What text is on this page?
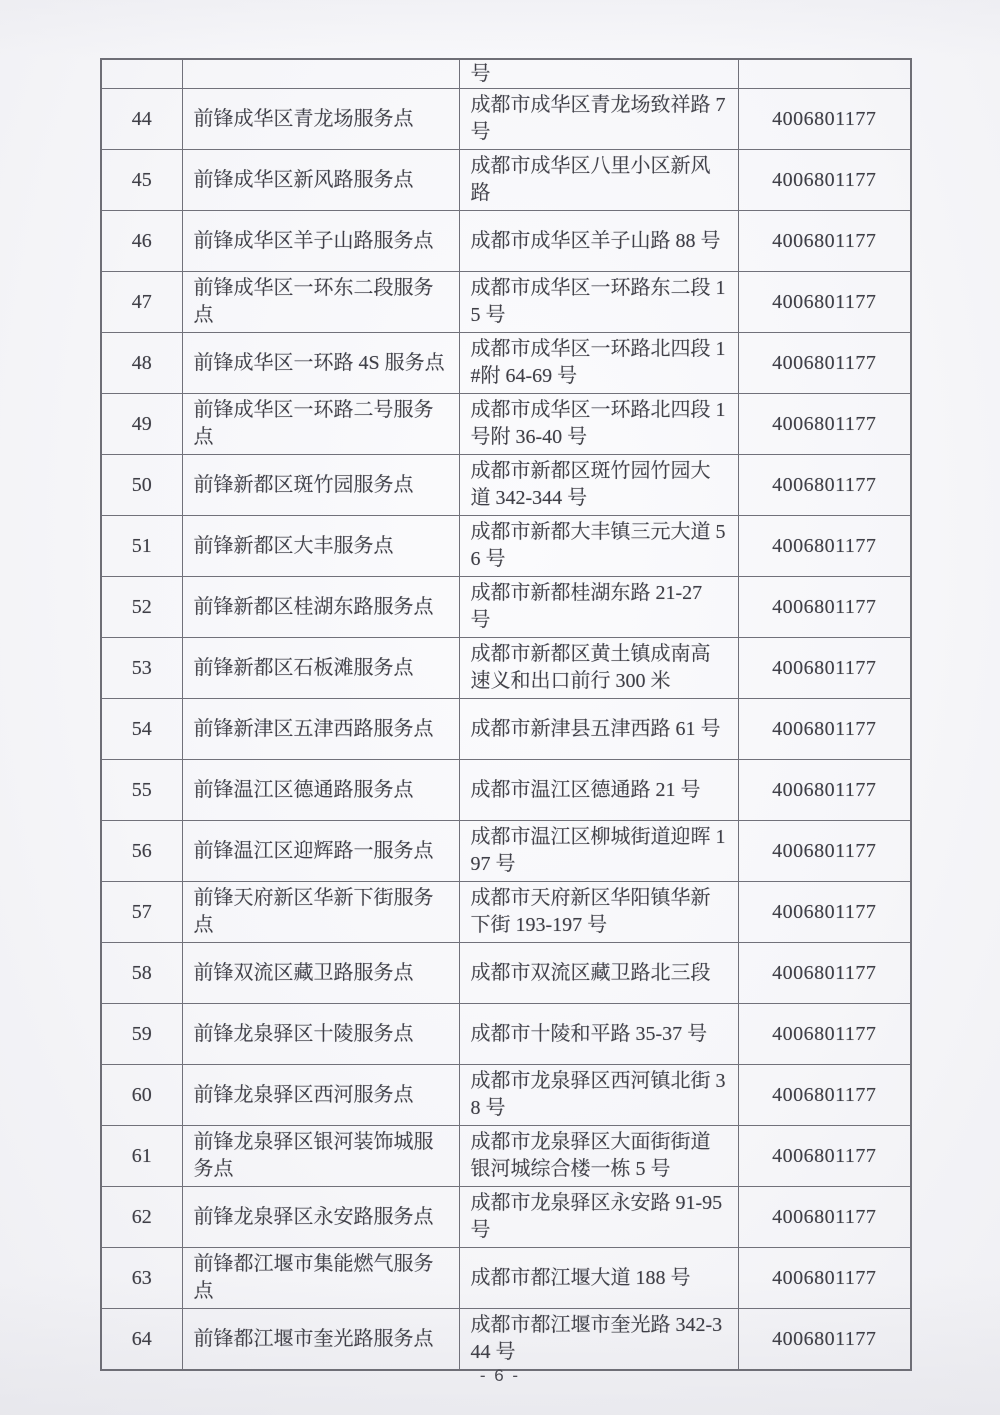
		号	
44	前锋成华区青龙场服务点	成都市成华区青龙场致祥路 7 号	4006801177
45	前锋成华区新风路服务点	成都市成华区八里小区新风路	4006801177
46	前锋成华区羊子山路服务点	成都市成华区羊子山路 88 号	4006801177
47	前锋成华区一环东二段服务点	成都市成华区一环路东二段 15 号	4006801177
48	前锋成华区一环路 4S 服务点	成都市成华区一环路北四段 1#附 64-69 号	4006801177
49	前锋成华区一环路二号服务点	成都市成华区一环路北四段 1 号附 36-40 号	4006801177
50	前锋新都区斑竹园服务点	成都市新都区斑竹园竹园大道 342-344 号	4006801177
51	前锋新都区大丰服务点	成都市新都大丰镇三元大道 56 号	4006801177
52	前锋新都区桂湖东路服务点	成都市新都桂湖东路 21-27 号	4006801177
53	前锋新都区石板滩服务点	成都市新都区黄土镇成南高速义和出口前行 300 米	4006801177
54	前锋新津区五津西路服务点	成都市新津县五津西路 61 号	4006801177
55	前锋温江区德通路服务点	成都市温江区德通路 21 号	4006801177
56	前锋温江区迎辉路一服务点	成都市温江区柳城街道迎晖 197 号	4006801177
57	前锋天府新区华新下街服务点	成都市天府新区华阳镇华新下街 193-197 号	4006801177
58	前锋双流区藏卫路服务点	成都市双流区藏卫路北三段	4006801177
59	前锋龙泉驿区十陵服务点	成都市十陵和平路 35-37 号	4006801177
60	前锋龙泉驿区西河服务点	成都市龙泉驿区西河镇北街 38 号	4006801177
61	前锋龙泉驿区银河装饰城服务点	成都市龙泉驿区大面街街道银河城综合楼一栋 5 号	4006801177
62	前锋龙泉驿区永安路服务点	成都市龙泉驿区永安路 91-95 号	4006801177
63	前锋都江堰市集能燃气服务点	成都市都江堰大道 188 号	4006801177
64	前锋都江堰市奎光路服务点	成都市都江堰市奎光路 342-344 号	4006801177
- 6 -
